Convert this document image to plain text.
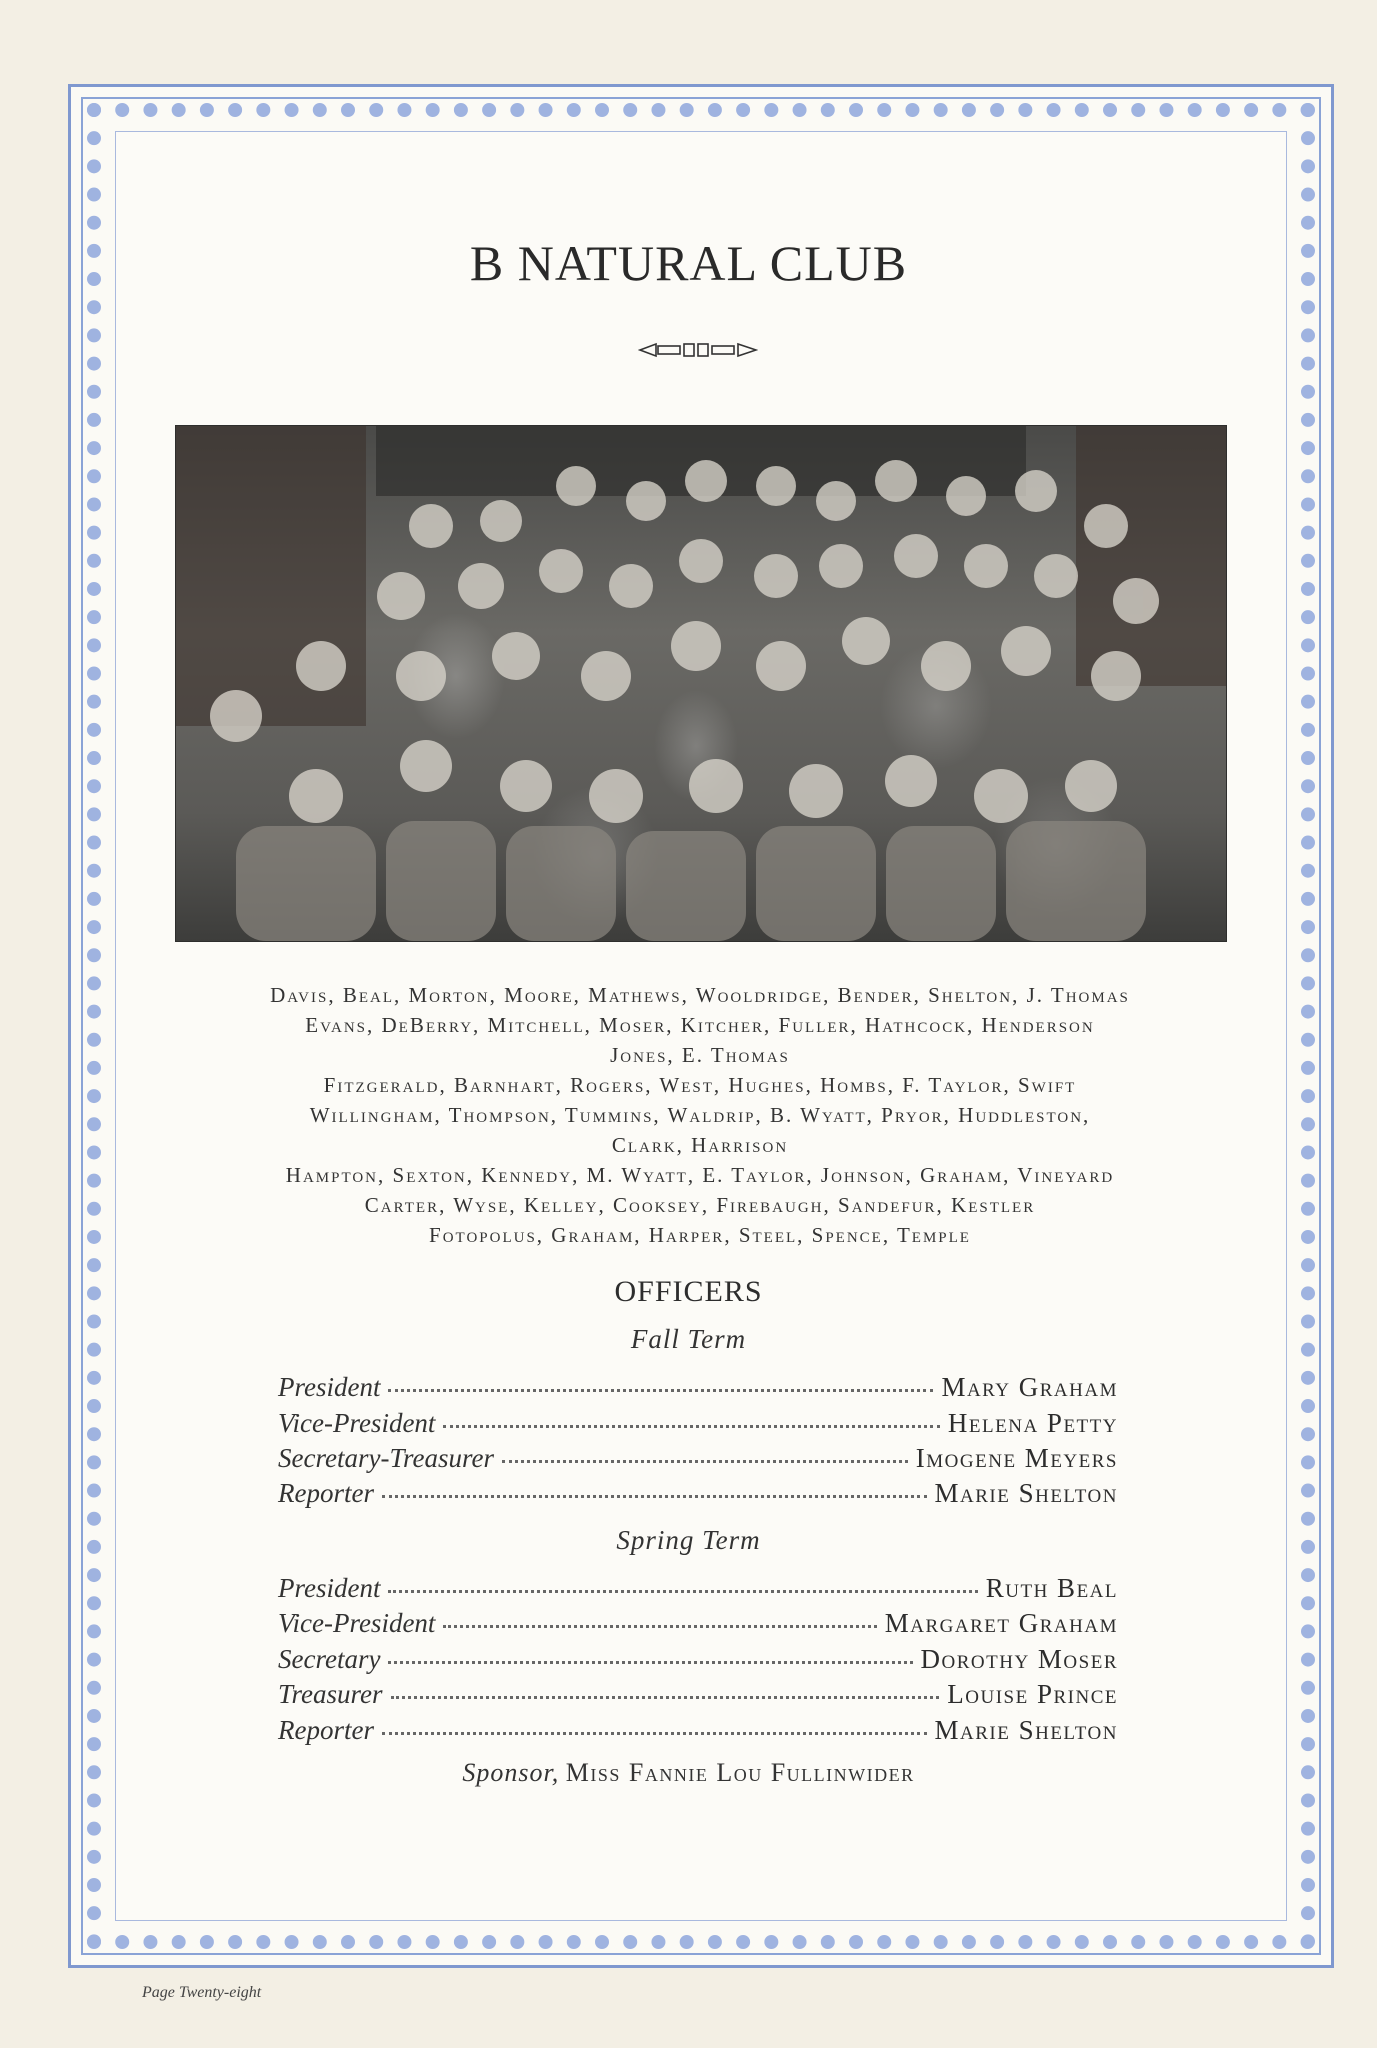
B NATURAL CLUB
Davis, Beal, Morton, Moore, Mathews, Wooldridge, Bender, Shelton, J. Thomas
Evans, DeBerry, Mitchell, Moser, Kitcher, Fuller, Hathcock, Henderson
Jones, E. Thomas
Fitzgerald, Barnhart, Rogers, West, Hughes, Hombs, F. Taylor, Swift
Willingham, Thompson, Tummins, Waldrip, B. Wyatt, Pryor, Huddleston,
Clark, Harrison
Hampton, Sexton, Kennedy, M. Wyatt, E. Taylor, Johnson, Graham, Vineyard
Carter, Wyse, Kelley, Cooksey, Firebaugh, Sandefur, Kestler
Fotopolus, Graham, Harper, Steel, Spence, Temple
OFFICERS
Fall Term
President	Mary Graham
Vice-President	Helena Petty
Secretary-Treasurer	Imogene Meyers
Reporter	Marie Shelton
Spring Term
President	Ruth Beal
Vice-President	Margaret Graham
Secretary	Dorothy Moser
Treasurer	Louise Prince
Reporter	Marie Shelton
Sponsor, Miss Fannie Lou Fullinwider
Page Twenty-eight
